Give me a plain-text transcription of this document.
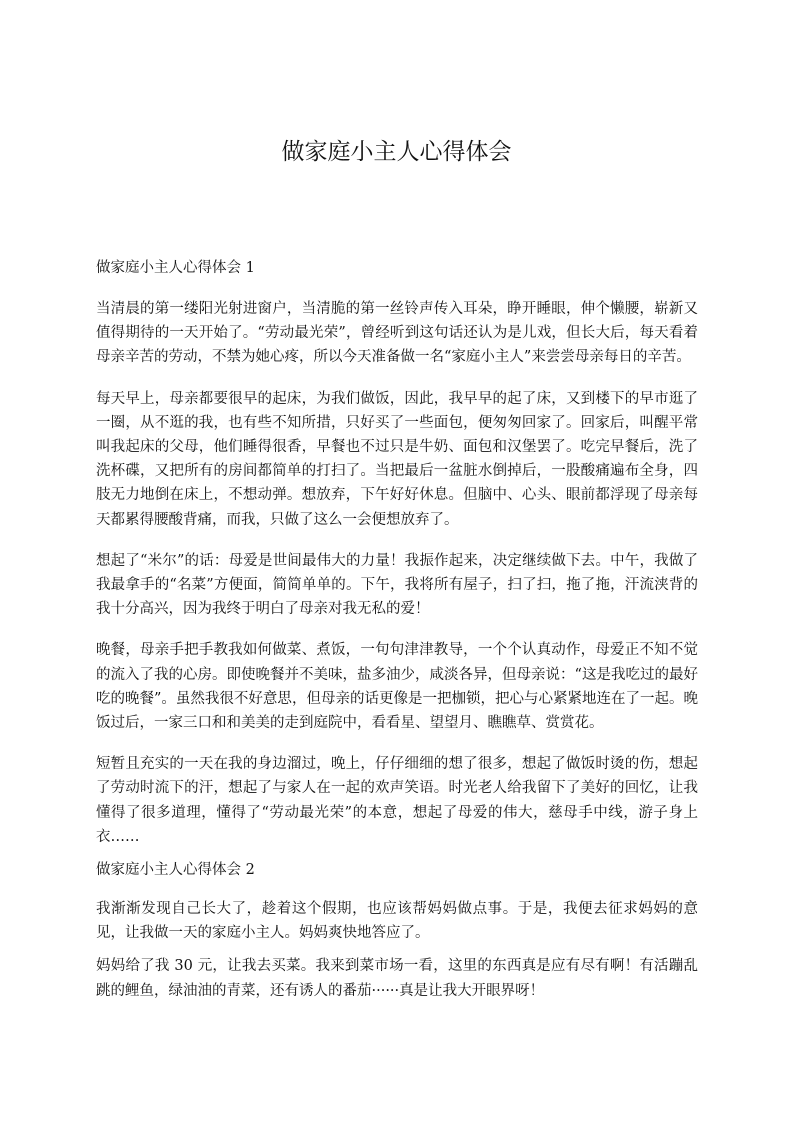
做家庭小主人心得体会
做家庭小主人心得体会 1

当清晨的第一缕阳光射进窗户，当清脆的第一丝铃声传入耳朵，睁开睡眼，伸个懒腰，崭新又值得期待的一天开始了。“劳动最光荣”，曾经听到这句话还认为是儿戏，但长大后，每天看着母亲辛苦的劳动，不禁为她心疼，所以今天准备做一名“家庭小主人”来尝尝母亲每日的辛苦。

每天早上，母亲都要很早的起床，为我们做饭，因此，我早早的起了床，又到楼下的早市逛了一圈，从不逛的我，也有些不知所措，只好买了一些面包，便匆匆回家了。回家后，叫醒平常叫我起床的父母，他们睡得很香，早餐也不过只是牛奶、面包和汉堡罢了。吃完早餐后，洗了洗杯碟，又把所有的房间都简单的打扫了。当把最后一盆脏水倒掉后，一股酸痛遍布全身，四肢无力地倒在床上，不想动弹。想放弃，下午好好休息。但脑中、心头、眼前都浮现了母亲每天都累得腰酸背痛，而我，只做了这么一会便想放弃了。

想起了“米尔”的话：母爱是世间最伟大的力量！我振作起来，决定继续做下去。中午，我做了我最拿手的“名菜”方便面，简简单单的。下午，我将所有屋子，扫了扫，拖了拖，汗流浃背的我十分高兴，因为我终于明白了母亲对我无私的爱！

晚餐，母亲手把手教我如何做菜、煮饭，一句句津津教导，一个个认真动作，母爱正不知不觉的流入了我的心房。即使晚餐并不美味，盐多油少，咸淡各异，但母亲说：“这是我吃过的最好吃的晚餐”。虽然我很不好意思，但母亲的话更像是一把枷锁，把心与心紧紧地连在了一起。晚饭过后，一家三口和和美美的走到庭院中，看看星、望望月、瞧瞧草、赏赏花。

短暂且充实的一天在我的身边溜过，晚上，仔仔细细的想了很多，想起了做饭时烫的伤，想起了劳动时流下的汗，想起了与家人在一起的欢声笑语。时光老人给我留下了美好的回忆，让我懂得了很多道理，懂得了“劳动最光荣”的本意，想起了母爱的伟大，慈母手中线，游子身上衣……

做家庭小主人心得体会 2

我渐渐发现自己长大了，趁着这个假期，也应该帮妈妈做点事。于是，我便去征求妈妈的意见，让我做一天的家庭小主人。妈妈爽快地答应了。

妈妈给了我 30 元，让我去买菜。我来到菜市场一看，这里的东西真是应有尽有啊！有活蹦乱跳的鲤鱼，绿油油的青菜，还有诱人的番茄······真是让我大开眼界呀！
